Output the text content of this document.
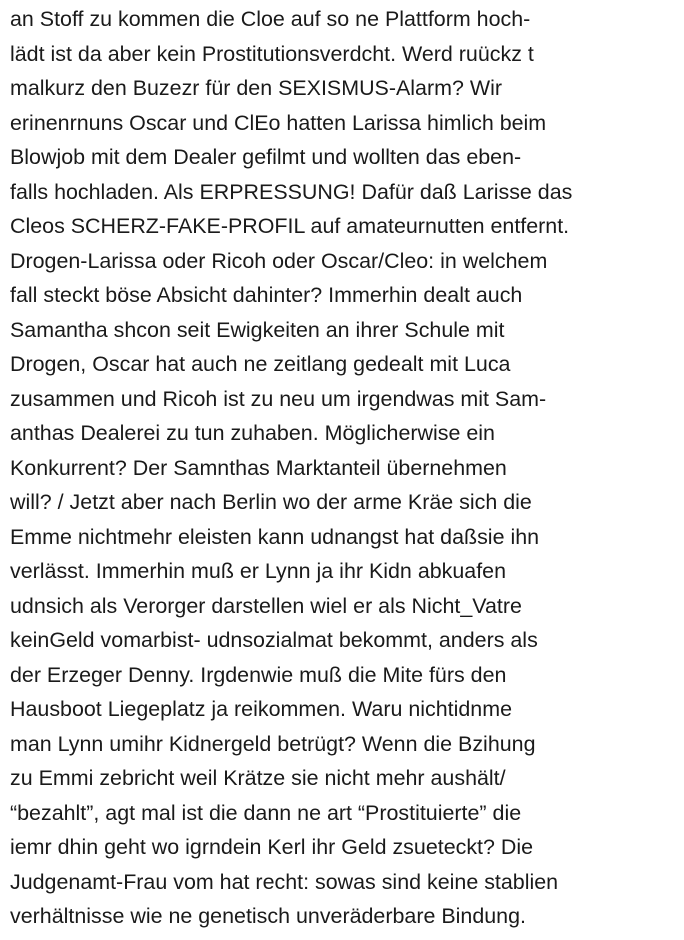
an Stoff zu kommen die Cloe auf so ne Plattform hoch-
lädt ist da aber kein Prostitutionsverdcht. Werd ruückz t
malkurz den Buzezr für den SEXISMUS-Alarm? Wir
erinenrnuns Oscar und ClEo hatten Larissa himlich beim
Blowjob mit dem Dealer gefilmt und wollten das eben-
falls hochladen. Als ERPRESSUNG! Dafür daß Larisse das
Cleos SCHERZ-FAKE-PROFIL auf amateurnutten entfernt.
Drogen-Larissa oder Ricoh oder Oscar/Cleo: in welchem
fall steckt böse Absicht dahinter? Immerhin dealt auch
Samantha shcon seit Ewigkeiten an ihrer Schule mit
Drogen, Oscar hat auch ne zeitlang gedealt mit Luca
zusammen und Ricoh ist zu neu um irgendwas mit Sam-
anthas Dealerei zu tun zuhaben. Möglicherwise ein
Konkurrent? Der Samnthas Marktanteil übernehmen
will? / Jetzt aber nach Berlin wo der arme Kräe sich die
Emme nichtmehr eleisten kann udnangst hat daßsie ihn
verlässt. Immerhin muß er Lynn ja ihr Kidn abkuafen
udnsich als Verorger darstellen wiel er als Nicht_Vatre
keinGeld vomarbist- udnsozialmat bekommt, anders als
der Erzeger Denny. Irgdenwie muß die Mite fürs den
Hausboot Liegeplatz ja reikommen. Waru nichtidnme
man Lynn umihr Kidnergeld betrügt? Wenn die Bzihung
zu Emmi zebricht weil Krätze sie nicht mehr aushält/
“bezahlt”, agt mal ist die dann ne art “Prostituierte” die
iemr dhin geht wo igrndein Kerl ihr Geld zsueteckt? Die
Judgenamt-Frau vom hat recht: sowas sind keine stablien
verhältnisse wie ne genetisch unveräderbare Bindung.
